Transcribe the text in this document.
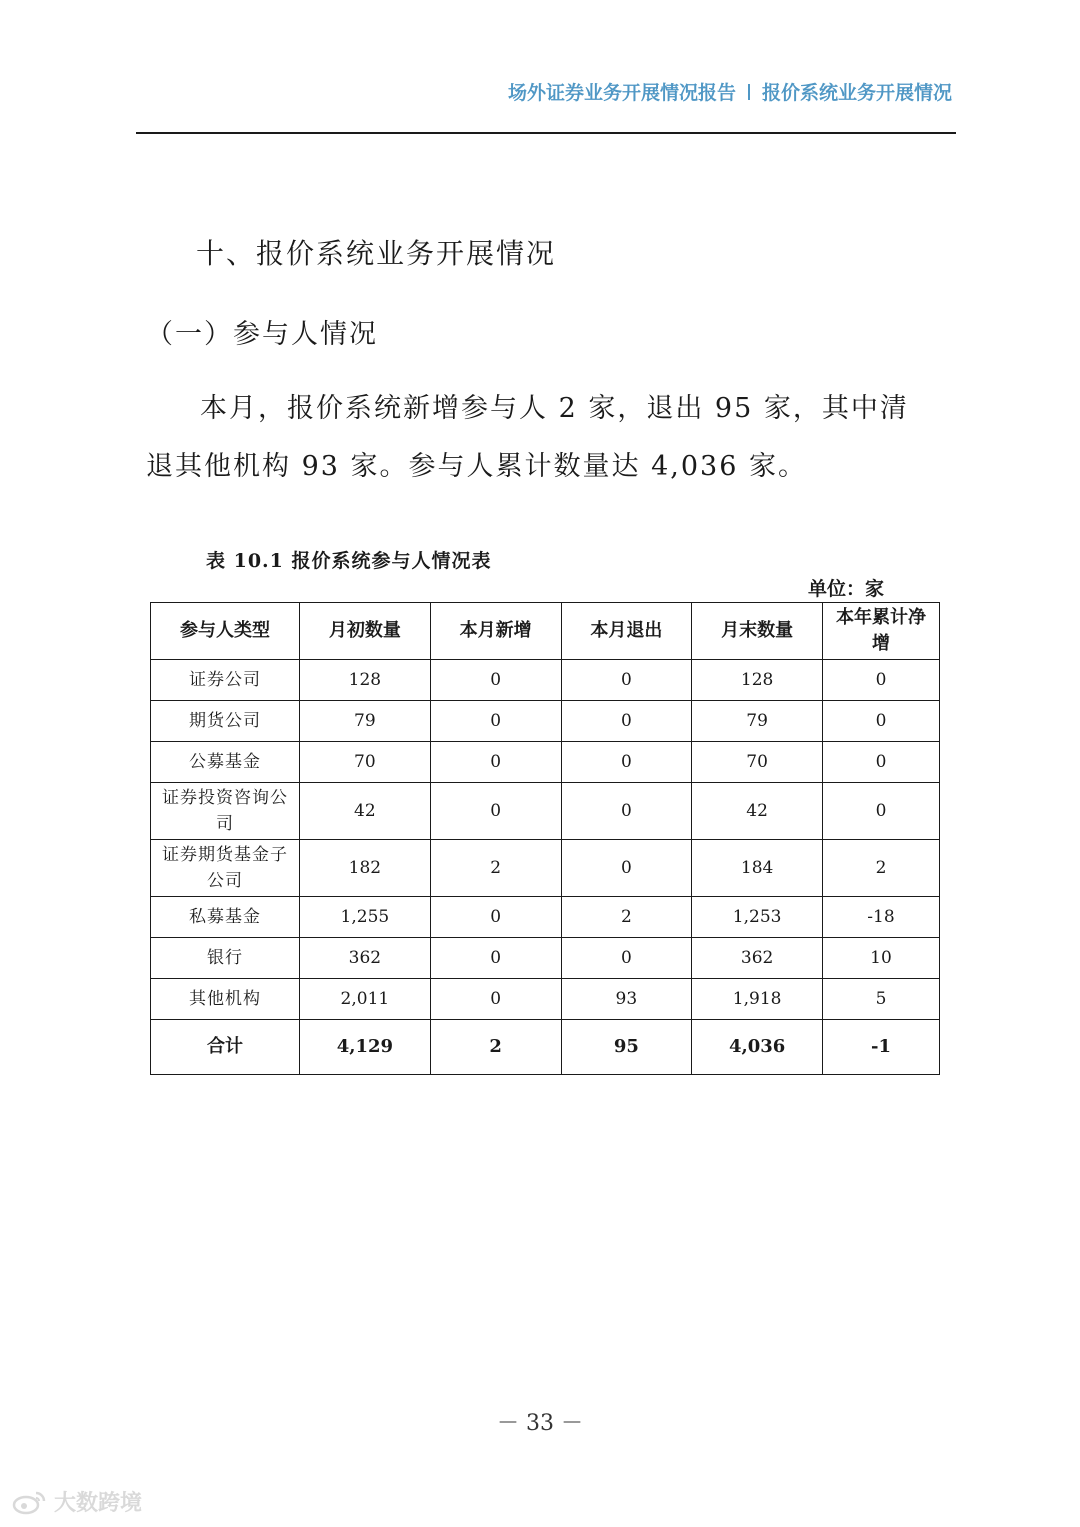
场外证券业务开展情况报告 报价系统业务开展情况
十、报价系统业务开展情况
（一）参与人情况
本月，报价系统新增参与人 2 家，退出 95 家，其中清退其他机构 93 家。参与人累计数量达 4,036 家。
表 10.1 报价系统参与人情况表
单位：家
参与人类型	月初数量	本月新增	本月退出	月末数量	本年累计净增
证券公司	128	0	0	128	0
期货公司	79	0	0	79	0
公募基金	70	0	0	70	0
证券投资咨询公司	42	0	0	42	0
证券期货基金子公司	182	2	0	184	2
私募基金	1,255	0	2	1,253	-18
银行	362	0	0	362	10
其他机构	2,011	0	93	1,918	5
合计	4,129	2	95	4,036	-1
－ 33 －
大数跨境
